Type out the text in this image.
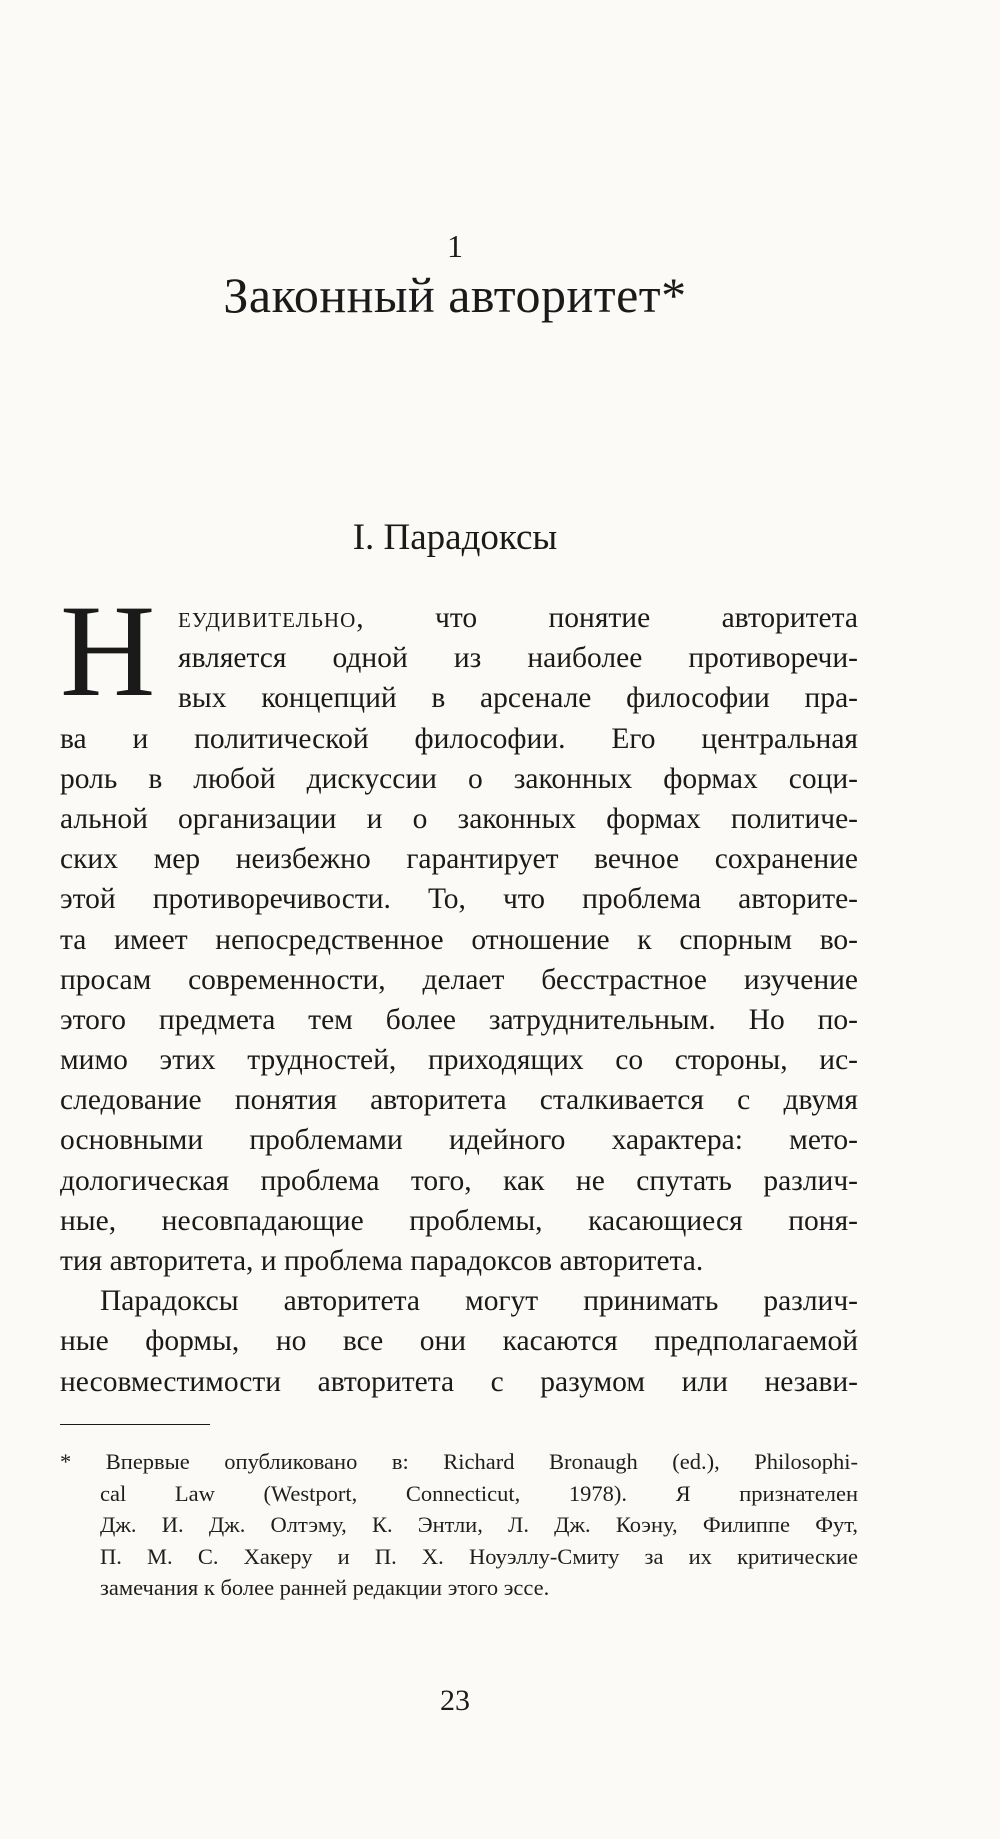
1
Законный авторитет*
I. Парадоксы
Н еудивительно, что понятие авторитета
является одной из наиболее противоречи-
вых концепций в арсенале философии пра-
ва и политической философии. Его центральная
роль в любой дискуссии о законных формах соци-
альной организации и о законных формах политиче-
ских мер неизбежно гарантирует вечное сохранение
этой противоречивости. То, что проблема авторите-
та имеет непосредственное отношение к спорным во-
просам современности, делает бесстрастное изучение
этого предмета тем более затруднительным. Но по-
мимо этих трудностей, приходящих со стороны, ис-
следование понятия авторитета сталкивается с двумя
основными проблемами идейного характера: мето-
дологическая проблема того, как не спутать различ-
ные, несовпадающие проблемы, касающиеся поня-
тия авторитета, и проблема парадоксов авторитета.
Парадоксы авторитета могут принимать различ-
ные формы, но все они касаются предполагаемой
несовместимости авторитета с разумом или незави-
* Впервые опубликовано в: Richard Bronaugh (ed.), Philosophi-
cal Law (Westport, Connecticut, 1978). Я признателен
Дж. И. Дж. Олтэму, К. Энтли, Л. Дж. Коэну, Филиппе Фут,
П. М. С. Хакеру и П. Х. Ноуэллу-Смиту за их критические
замечания к более ранней редакции этого эссе.
23
